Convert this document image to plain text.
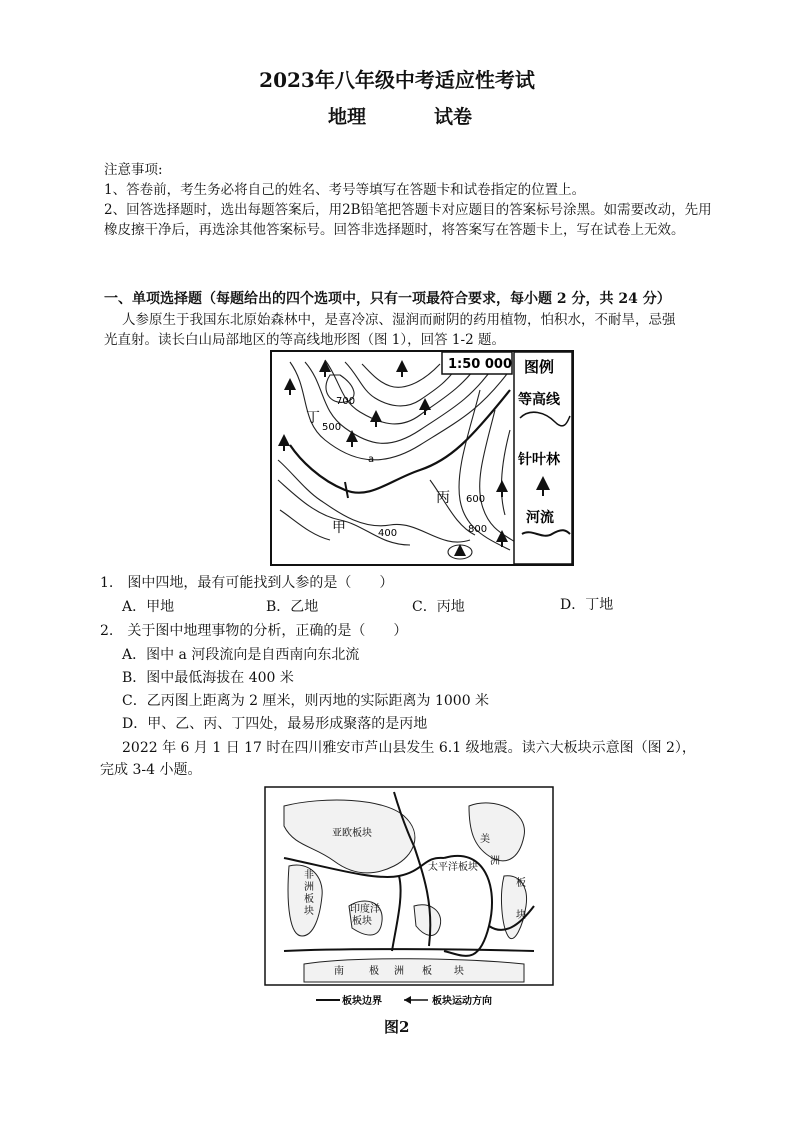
2023年八年级中考适应性考试
地理	试卷
注意事项:
1、答卷前，考生务必将自己的姓名、考号等填写在答题卡和试卷指定的位置上。
2、回答选择题时，选出每题答案后，用2B铅笔把答题卡对应题目的答案标号涂黑。如需要改动，先用
橡皮擦干净后，再选涂其他答案标号。回答非选择题时，将答案写在答题卡上，写在试卷上无效。
一、单项选择题（每题给出的四个选项中，只有一项最符合要求，每小题 2 分，共 24 分）
人参原生于我国东北原始森林中，是喜冷凉、湿润而耐阴的药用植物，怕积水，不耐旱，忌强
光直射。读长白山局部地区的等高线地形图（图 1），回答 1-2 题。
1:50 000 图例
等高线
针叶林
河流
700
500
400
600
800
丁
a
甲
丙
1.　图中四地，最有可能找到人参的是（　　）
A．甲地	B．乙地	C．丙地	D．丁地
2.　关于图中地理事物的分析，正确的是（　　）
A．图中 a 河段流向是自西南向东北流
B．图中最低海拔在 400 米
C．乙丙图上距离为 2 厘米，则丙地的实际距离为 1000 米
D．甲、乙、丙、丁四处，最易形成聚落的是丙地
2022 年 6 月 1 日 17 时在四川雅安市芦山县发生 6.1 级地震。读六大板块示意图（图 2），
完成 3-4 小题。
亚欧板块
非
洲
板
块	印度洋
板块
太平洋板块
美
洲
板
块
南	极 洲 板 块
板块边界	板块运动方向
图2
